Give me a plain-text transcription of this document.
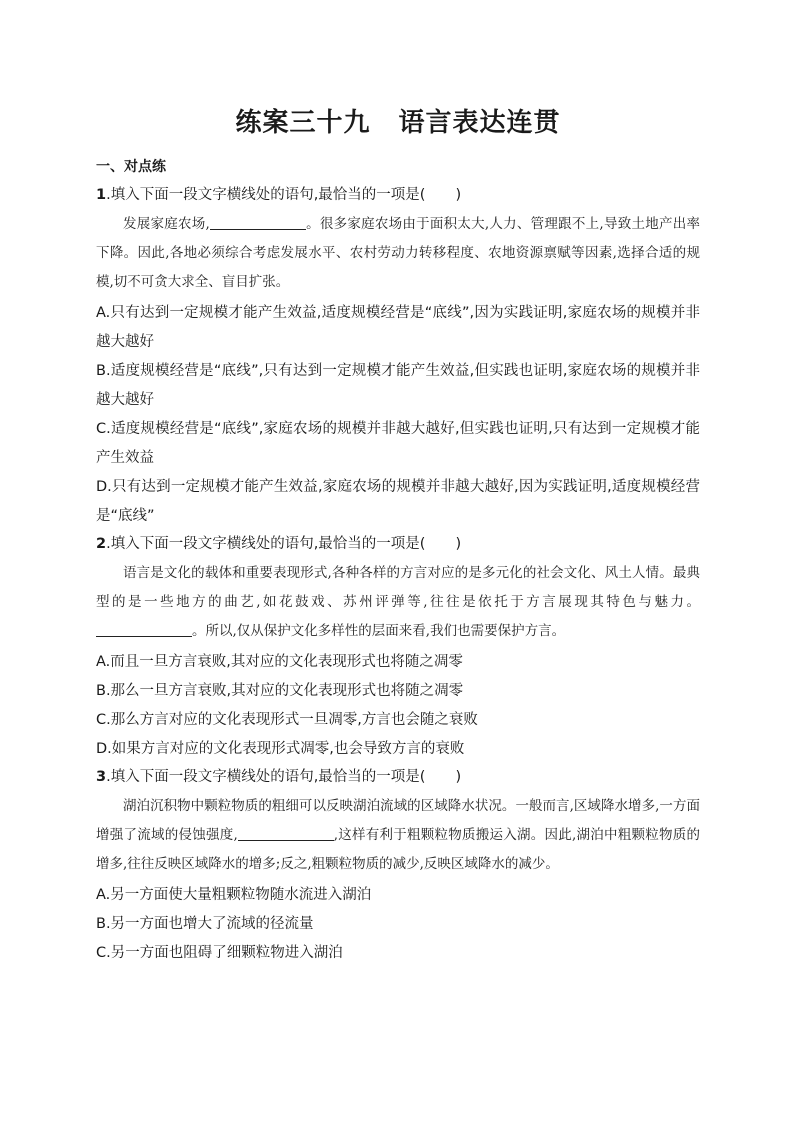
练案三十九 语言表达连贯
一、对点练
1.填入下面一段文字横线处的语句,最恰当的一项是( )
发展家庭农场,	。很多家庭农场由于面积太大,人力、管理跟不上,导致土地产出率下降。因此,各地必须综合考虑发展水平、农村劳动力转移程度、农地资源禀赋等因素,选择合适的规模,切不可贪大求全、盲目扩张。
A.只有达到一定规模才能产生效益,适度规模经营是“底线”,因为实践证明,家庭农场的规模并非越大越好
B.适度规模经营是“底线”,只有达到一定规模才能产生效益,但实践也证明,家庭农场的规模并非越大越好
C.适度规模经营是“底线”,家庭农场的规模并非越大越好,但实践也证明,只有达到一定规模才能产生效益
D.只有达到一定规模才能产生效益,家庭农场的规模并非越大越好,因为实践证明,适度规模经营是“底线”
2.填入下面一段文字横线处的语句,最恰当的一项是( )
语言是文化的载体和重要表现形式,各种各样的方言对应的是多元化的社会文化、风土人情。最典型的是一些地方的曲艺,如花鼓戏、苏州评弹等,往往是依托于方言展现其特色与魅力。。所以,仅从保护文化多样性的层面来看,我们也需要保护方言。
A.而且一旦方言衰败,其对应的文化表现形式也将随之凋零
B.那么一旦方言衰败,其对应的文化表现形式也将随之凋零
C.那么方言对应的文化表现形式一旦凋零,方言也会随之衰败
D.如果方言对应的文化表现形式凋零,也会导致方言的衰败
3.填入下面一段文字横线处的语句,最恰当的一项是( )
湖泊沉积物中颗粒物质的粗细可以反映湖泊流域的区域降水状况。一般而言,区域降水增多,一方面增强了流域的侵蚀强度,	,这样有利于粗颗粒物质搬运入湖。因此,湖泊中粗颗粒物质的增多,往往反映区域降水的增多;反之,粗颗粒物质的减少,反映区域降水的减少。
A.另一方面使大量粗颗粒物随水流进入湖泊
B.另一方面也增大了流域的径流量
C.另一方面也阻碍了细颗粒物进入湖泊
